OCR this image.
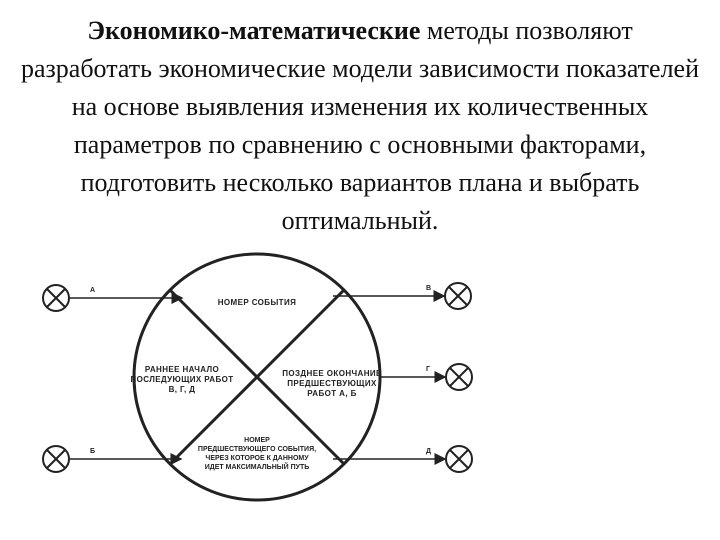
Экономико-математические методы позволяют разработать экономические модели зависимости показателей на основе выявления изменения их количественных параметров по сравнению с основными факторами, подготовить несколько вариантов плана и выбрать оптимальный.
НОМЕР СОБЫТИЯ
РАННЕЕ НАЧАЛО
ПОСЛЕДУЮЩИХ РАБОТ
В, Г, Д
ПОЗДНЕЕ ОКОНЧАНИЕ
ПРЕДШЕСТВУЮЩИХ
РАБОТ А, Б
НОМЕР
ПРЕДШЕСТВУЮЩЕГО СОБЫТИЯ,
ЧЕРЕЗ КОТОРОЕ К ДАННОМУ
ИДЕТ МАКСИМАЛЬНЫЙ ПУТЬ
А
Б
В
Г
Д
